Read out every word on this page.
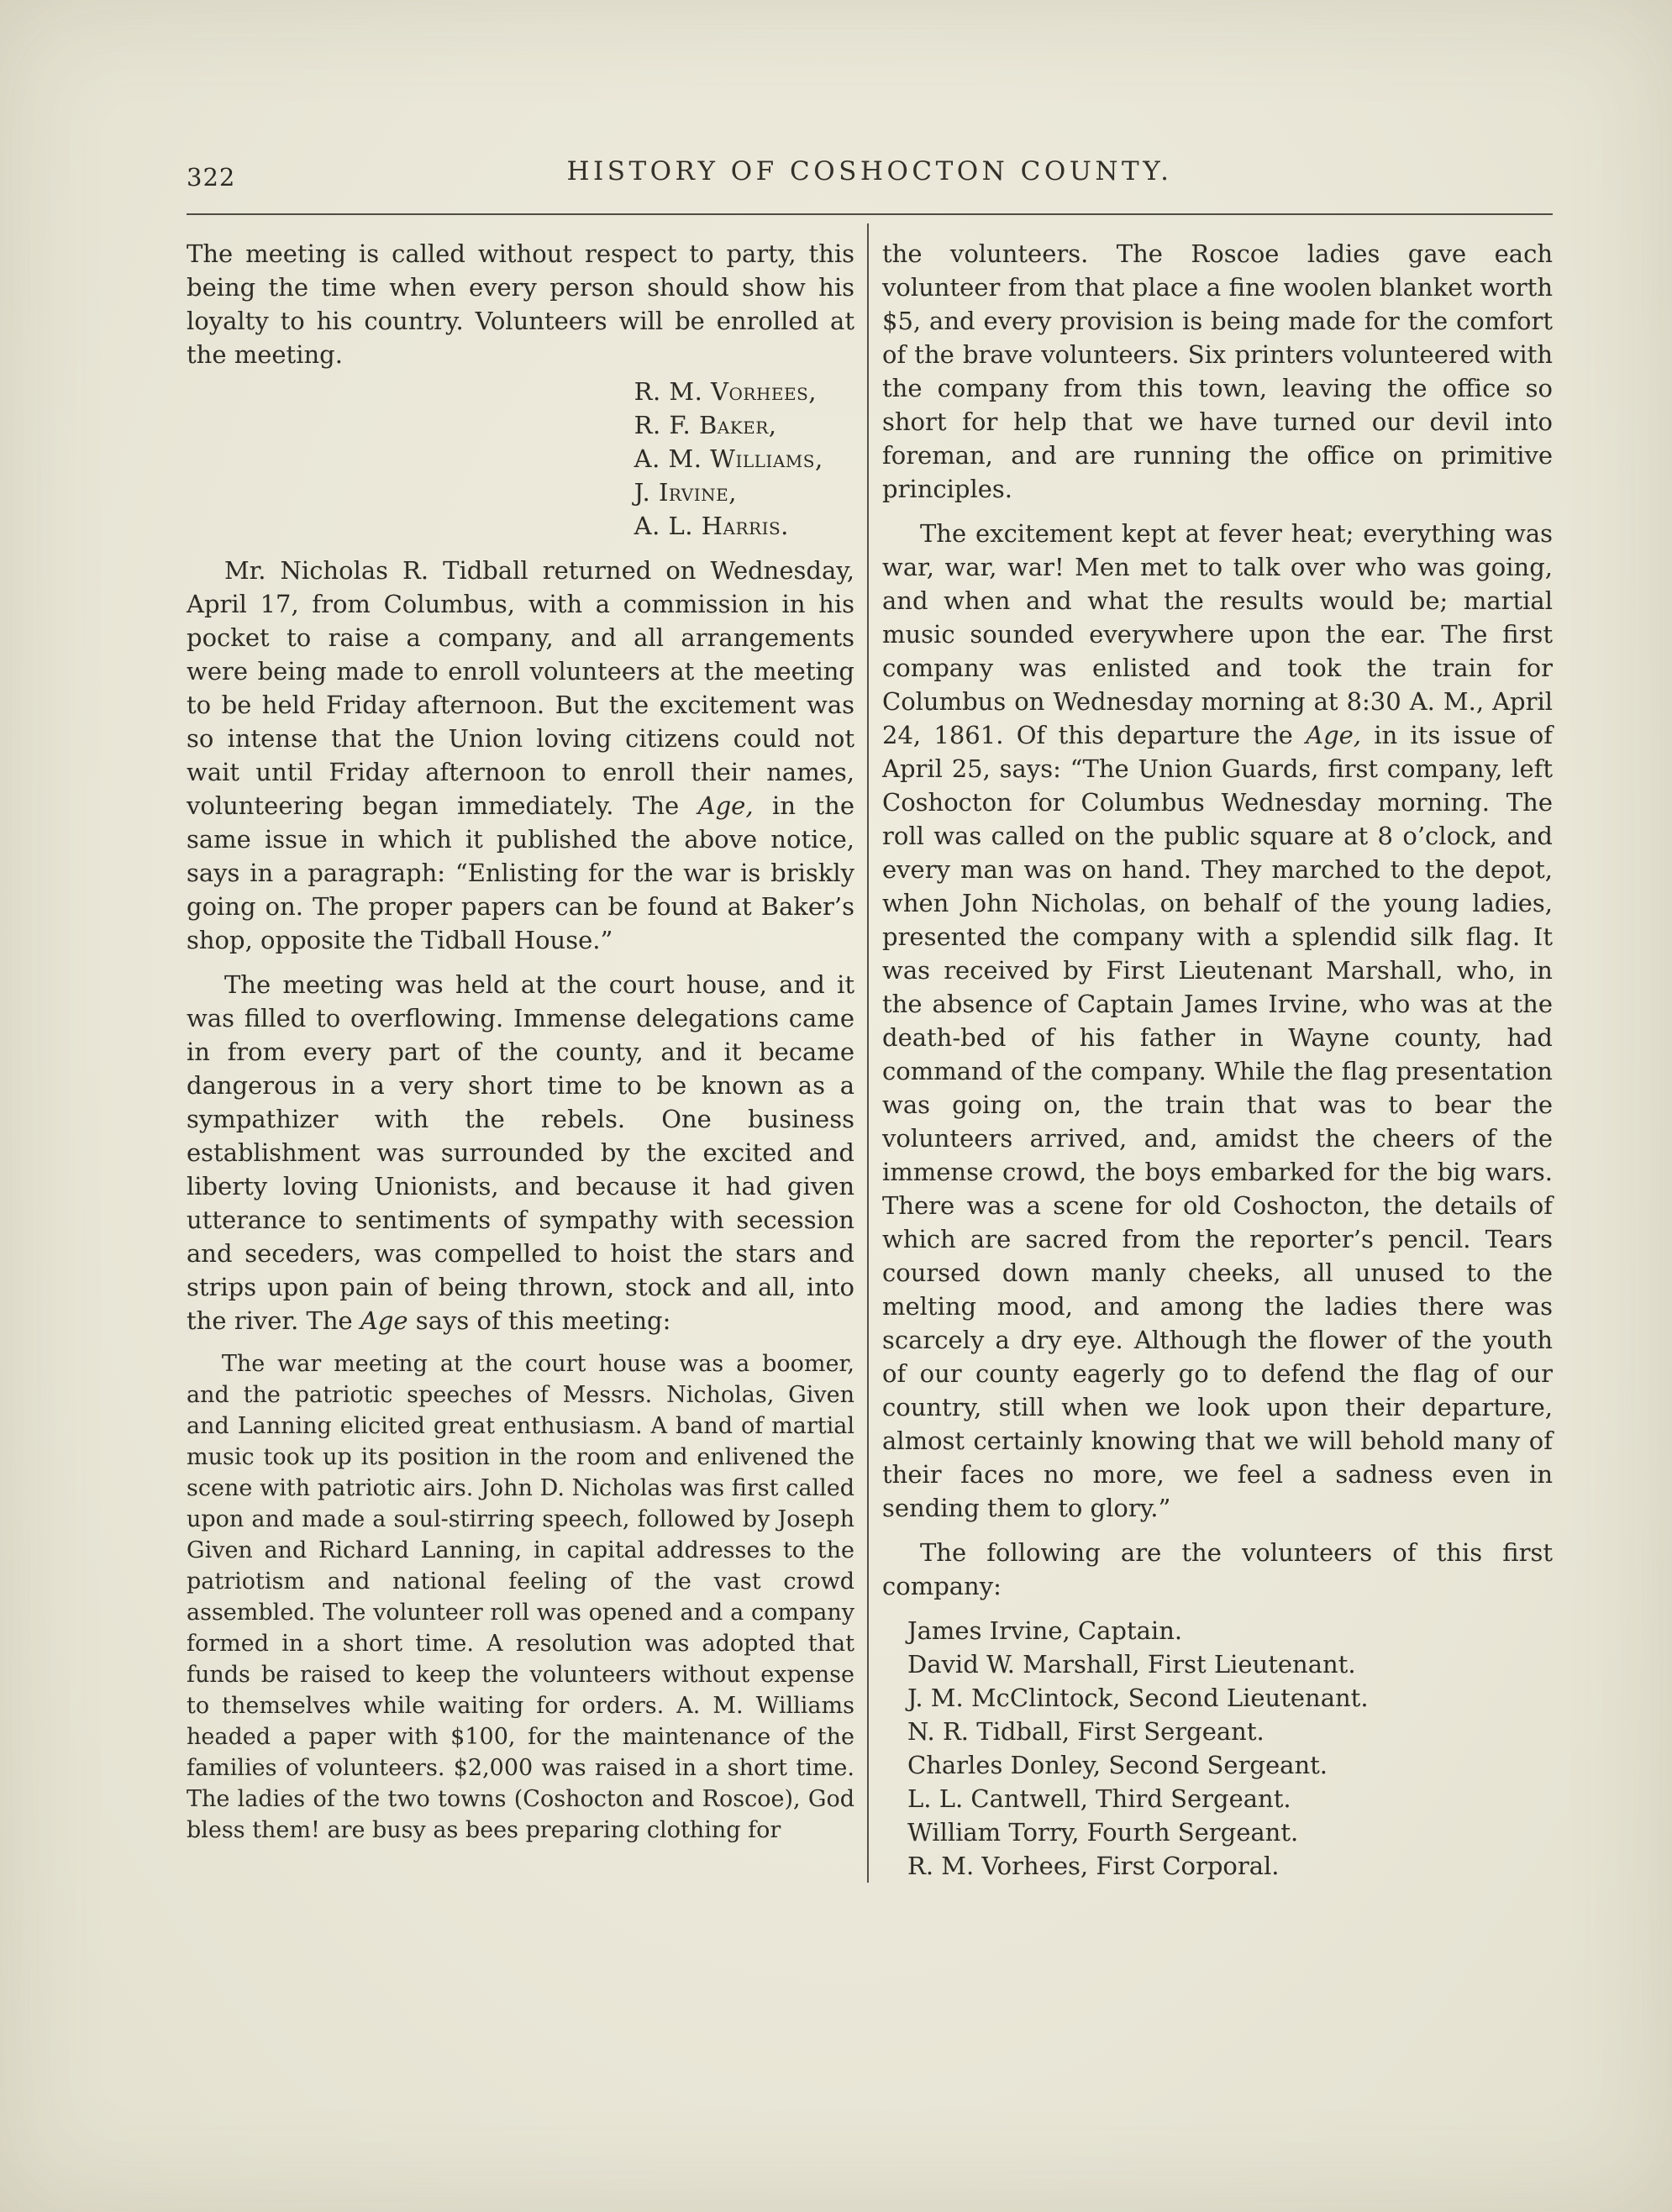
322	HISTORY OF COSHOCTON COUNTY.

The meeting is called without respect to party, this being the time when every person should show his loyalty to his country. Volunteers will be enrolled at the meeting.

R. M. Vorhees,
R. F. Baker,
A. M. Williams,
J. Irvine,
A. L. Harris.

Mr. Nicholas R. Tidball returned on Wednesday, April 17, from Columbus, with a commission in his pocket to raise a company, and all arrangements were being made to enroll volunteers at the meeting to be held Friday afternoon. But the excitement was so intense that the Union loving citizens could not wait until Friday afternoon to enroll their names, volunteering began immediately. The Age, in the same issue in which it published the above notice, says in a paragraph: “Enlisting for the war is briskly going on. The proper papers can be found at Baker’s shop, opposite the Tidball House.”

The meeting was held at the court house, and it was filled to overflowing. Immense delegations came in from every part of the county, and it became dangerous in a very short time to be known as a sympathizer with the rebels. One business establishment was surrounded by the excited and liberty loving Unionists, and because it had given utterance to sentiments of sympathy with secession and seceders, was compelled to hoist the stars and strips upon pain of being thrown, stock and all, into the river. The Age says of this meeting:

The war meeting at the court house was a boomer, and the patriotic speeches of Messrs. Nicholas, Given and Lanning elicited great enthusiasm. A band of martial music took up its position in the room and enlivened the scene with patriotic airs. John D. Nicholas was first called upon and made a soul-stirring speech, followed by Joseph Given and Richard Lanning, in capital addresses to the patriotism and national feeling of the vast crowd assembled. The volunteer roll was opened and a company formed in a short time. A resolution was adopted that funds be raised to keep the volunteers without expense to themselves while waiting for orders. A. M. Williams headed a paper with $100, for the maintenance of the families of volunteers. $2,000 was raised in a short time. The ladies of the two towns (Coshocton and Roscoe), God bless them! are busy as bees preparing clothing for

the volunteers. The Roscoe ladies gave each volunteer from that place a fine woolen blanket worth $5, and every provision is being made for the comfort of the brave volunteers. Six printers volunteered with the company from this town, leaving the office so short for help that we have turned our devil into foreman, and are running the office on primitive principles.

The excitement kept at fever heat; everything was war, war, war! Men met to talk over who was going, and when and what the results would be; martial music sounded everywhere upon the ear. The first company was enlisted and took the train for Columbus on Wednesday morning at 8:30 A. M., April 24, 1861. Of this departure the Age, in its issue of April 25, says: “The Union Guards, first company, left Coshocton for Columbus Wednesday morning. The roll was called on the public square at 8 o’clock, and every man was on hand. They marched to the depot, when John Nicholas, on behalf of the young ladies, presented the company with a splendid silk flag. It was received by First Lieutenant Marshall, who, in the absence of Captain James Irvine, who was at the death-bed of his father in Wayne county, had command of the company. While the flag presentation was going on, the train that was to bear the volunteers arrived, and, amidst the cheers of the immense crowd, the boys embarked for the big wars. There was a scene for old Coshocton, the details of which are sacred from the reporter’s pencil. Tears coursed down manly cheeks, all unused to the melting mood, and among the ladies there was scarcely a dry eye. Although the flower of the youth of our county eagerly go to defend the flag of our country, still when we look upon their departure, almost certainly knowing that we will behold many of their faces no more, we feel a sadness even in sending them to glory.”

The following are the volunteers of this first company:

James Irvine, Captain.
David W. Marshall, First Lieutenant.
J. M. McClintock, Second Lieutenant.
N. R. Tidball, First Sergeant.
Charles Donley, Second Sergeant.
L. L. Cantwell, Third Sergeant.
William Torry, Fourth Sergeant.
R. M. Vorhees, First Corporal.
